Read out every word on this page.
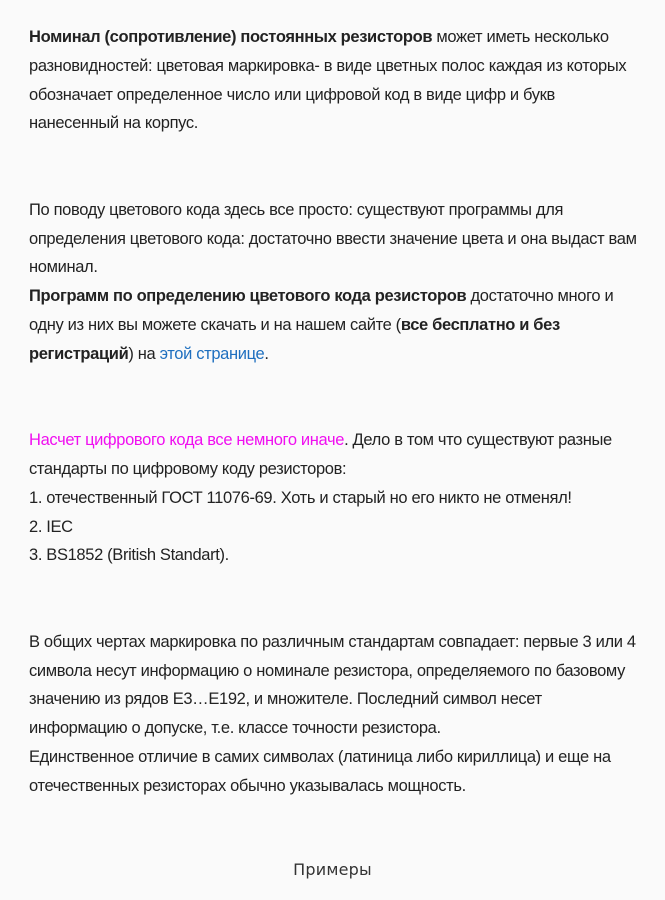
Номинал (сопротивление) постоянных резисторов может иметь несколько разновидностей: цветовая маркировка- в виде цветных полос каждая из которых обозначает определенное число или цифровой код в виде цифр и букв нанесенный на корпус.

По поводу цветового кода здесь все просто: существуют программы для определения цветового кода: достаточно ввести значение цвета и она выдаст вам номинал.
Программ по определению цветового кода резисторов достаточно много и одну из них вы можете скачать и на нашем сайте (все бесплатно и без регистраций) на этой странице.

Насчет цифрового кода все немного иначе. Дело в том что существуют разные стандарты по цифровому коду резисторов:
1. отечественный ГОСТ 11076-69. Хоть и старый но его никто не отменял!
2. IEC
3. BS1852 (British Standart).

В общих чертах маркировка по различным стандартам совпадает: первые 3 или 4 символа несут информацию о номинале резистора, определяемого по базовому значению из рядов E3…E192, и множителе. Последний символ несет информацию о допуске, т.е. классе точности резистора.
Единственное отличие в самих символах (латиница либо кириллица) и еще на отечественных резисторах обычно указывалась мощность.

Примеры
